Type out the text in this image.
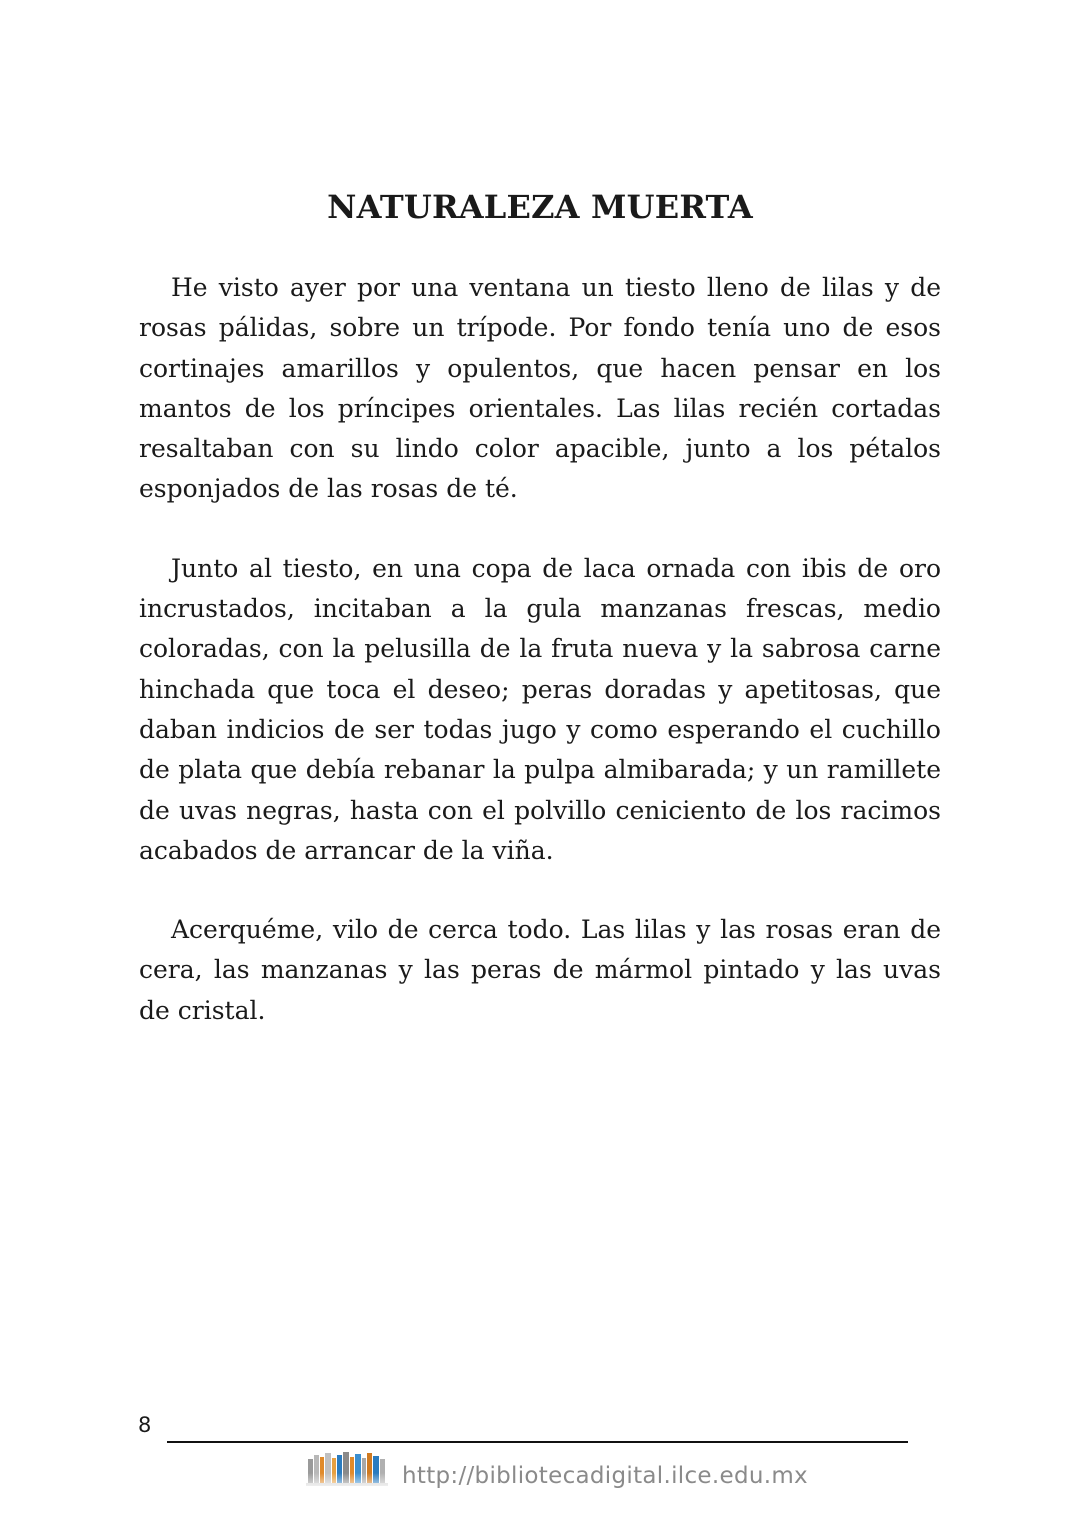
NATURALEZA MUERTA

He visto ayer por una ventana un tiesto lleno de lilas y de rosas pálidas, sobre un trípode. Por fondo tenía uno de esos cortinajes amarillos y opulentos, que hacen pensar en los mantos de los príncipes orientales. Las lilas recién cortadas resaltaban con su lindo color apacible, junto a los pétalos esponjados de las rosas de té.

Junto al tiesto, en una copa de laca ornada con ibis de oro incrustados, incitaban a la gula manzanas frescas, medio coloradas, con la pelusilla de la fruta nueva y la sabrosa carne hinchada que toca el deseo; peras doradas y apetitosas, que daban indicios de ser todas jugo y como esperando el cuchillo de plata que debía rebanar la pulpa almibarada; y un ramillete de uvas negras, hasta con el polvillo ceniciento de los racimos acabados de arrancar de la viña.

Acerquéme, vilo de cerca todo. Las lilas y las rosas eran de cera, las manzanas y las peras de mármol pintado y las uvas de cristal.

8
http://bibliotecadigital.ilce.edu.mx
